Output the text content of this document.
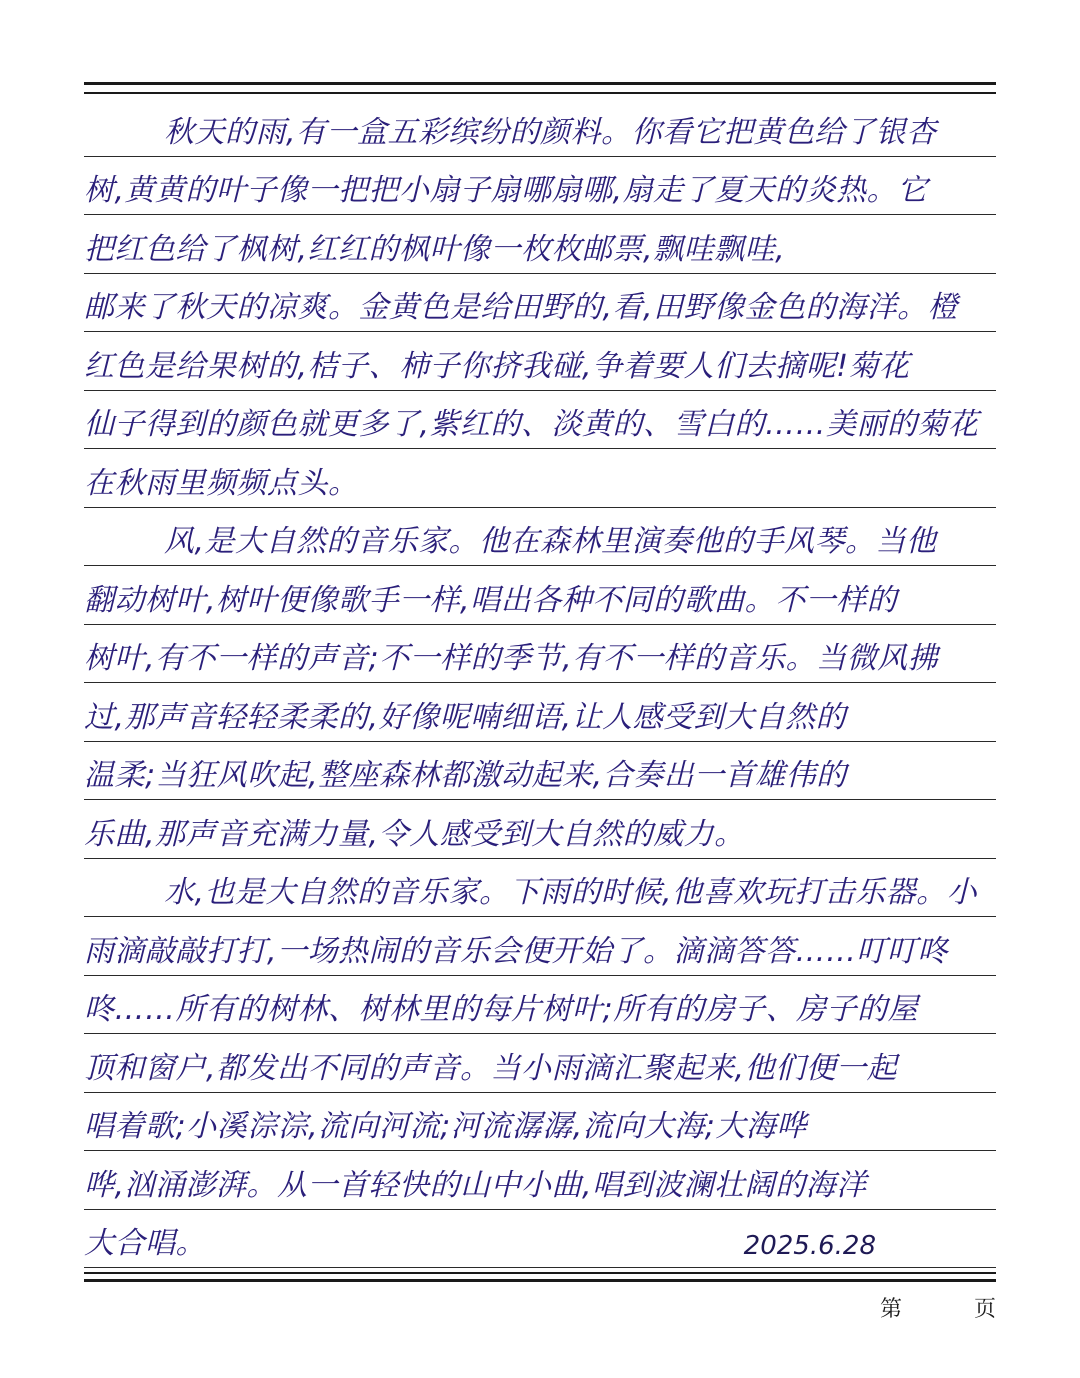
秋天的雨,有一盒五彩缤纷的颜料。你看它把黄色给了银杏
树,黄黄的叶子像一把把小扇子扇哪扇哪,扇走了夏天的炎热。它
把红色给了枫树,红红的枫叶像一枚枚邮票,飘哇飘哇,
邮来了秋天的凉爽。金黄色是给田野的,看,田野像金色的海洋。橙
红色是给果树的,桔子、柿子你挤我碰,争着要人们去摘呢!菊花
仙子得到的颜色就更多了,紫红的、淡黄的、雪白的……美丽的菊花
在秋雨里频频点头。
风,是大自然的音乐家。他在森林里演奏他的手风琴。当他
翻动树叶,树叶便像歌手一样,唱出各种不同的歌曲。不一样的
树叶,有不一样的声音;不一样的季节,有不一样的音乐。当微风拂
过,那声音轻轻柔柔的,好像呢喃细语,让人感受到大自然的
温柔;当狂风吹起,整座森林都激动起来,合奏出一首雄伟的
乐曲,那声音充满力量,令人感受到大自然的威力。
水,也是大自然的音乐家。下雨的时候,他喜欢玩打击乐器。小
雨滴敲敲打打,一场热闹的音乐会便开始了。滴滴答答……叮叮咚
咚……所有的树林、树林里的每片树叶;所有的房子、房子的屋
顶和窗户,都发出不同的声音。当小雨滴汇聚起来,他们便一起
唱着歌;小溪淙淙,流向河流;河流潺潺,流向大海;大海哗
哗,汹涌澎湃。从一首轻快的山中小曲,唱到波澜壮阔的海洋
大合唱。	2025.6.28
第	页
